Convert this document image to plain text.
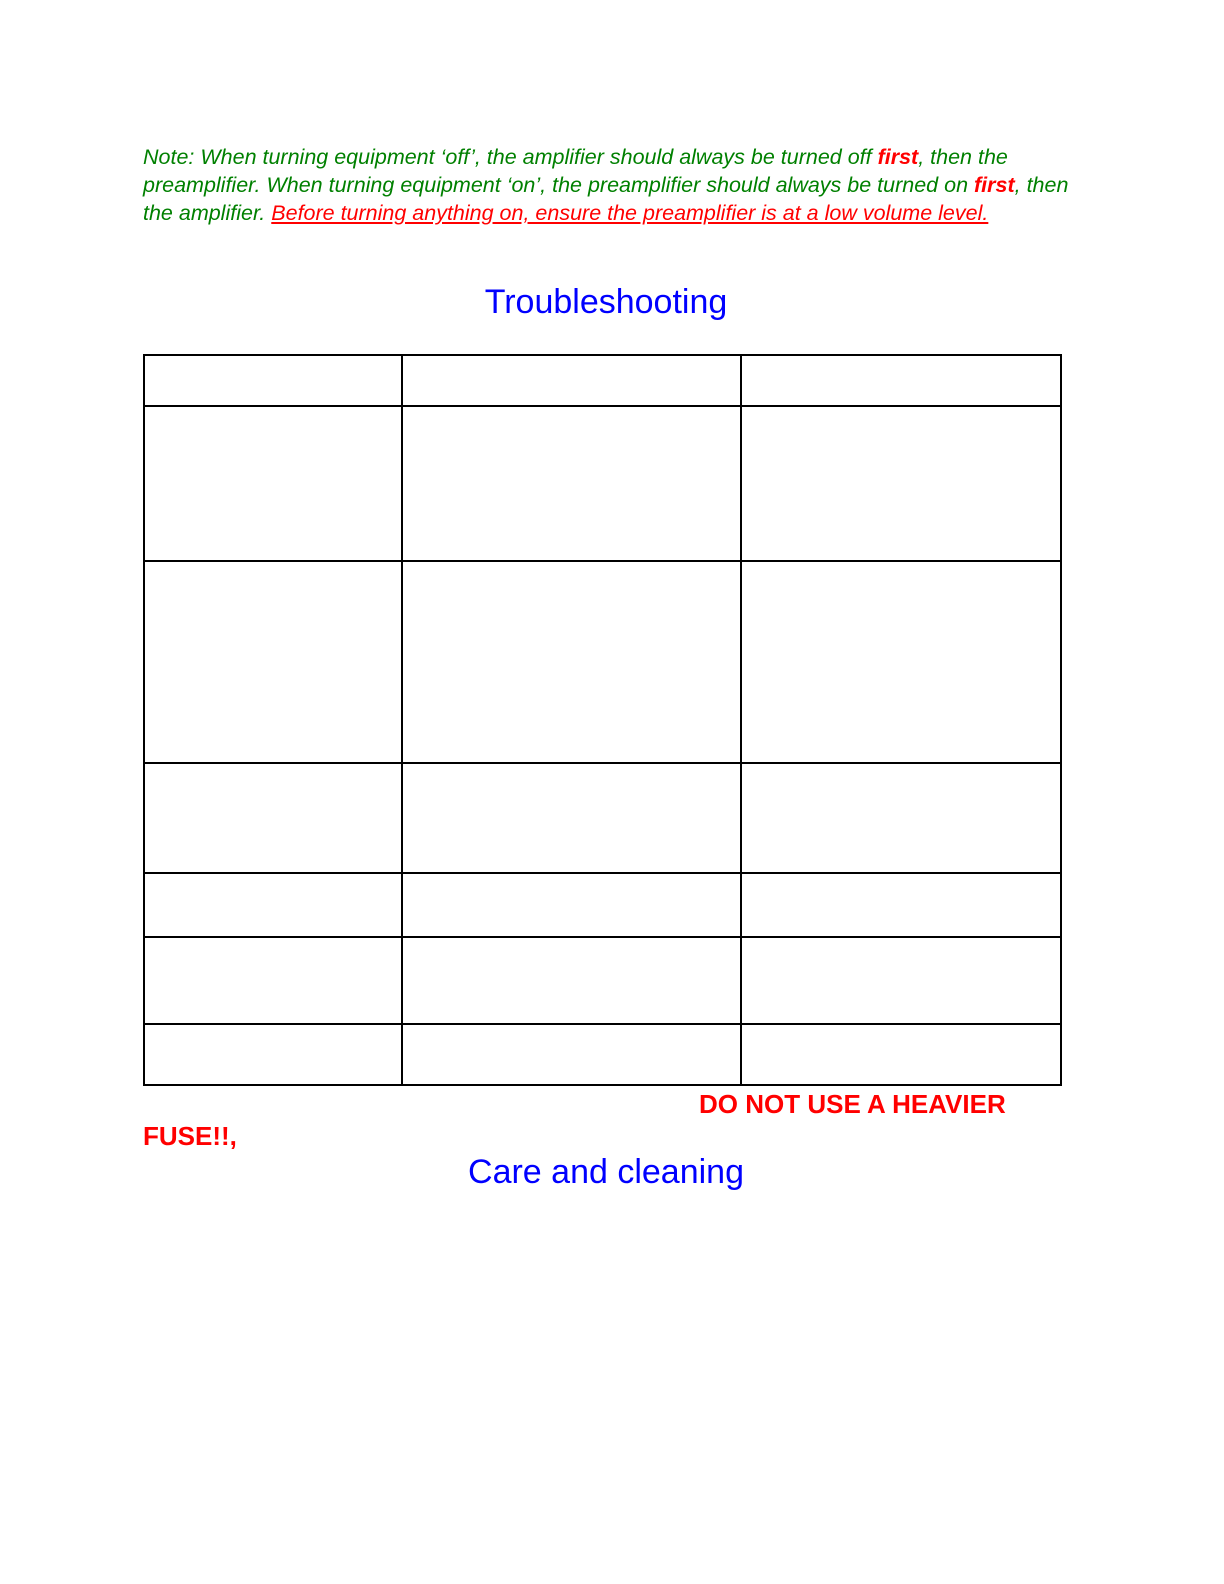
Note: When turning equipment ‘off’, the amplifier should always be turned off first, then the preamplifier. When turning equipment ‘on’, the preamplifier should always be turned on first, then the amplifier. Before turning anything on, ensure the preamplifier is at a low volume level.

Troubleshooting

DO NOT USE A HEAVIER

FUSE!!,

Care and cleaning
